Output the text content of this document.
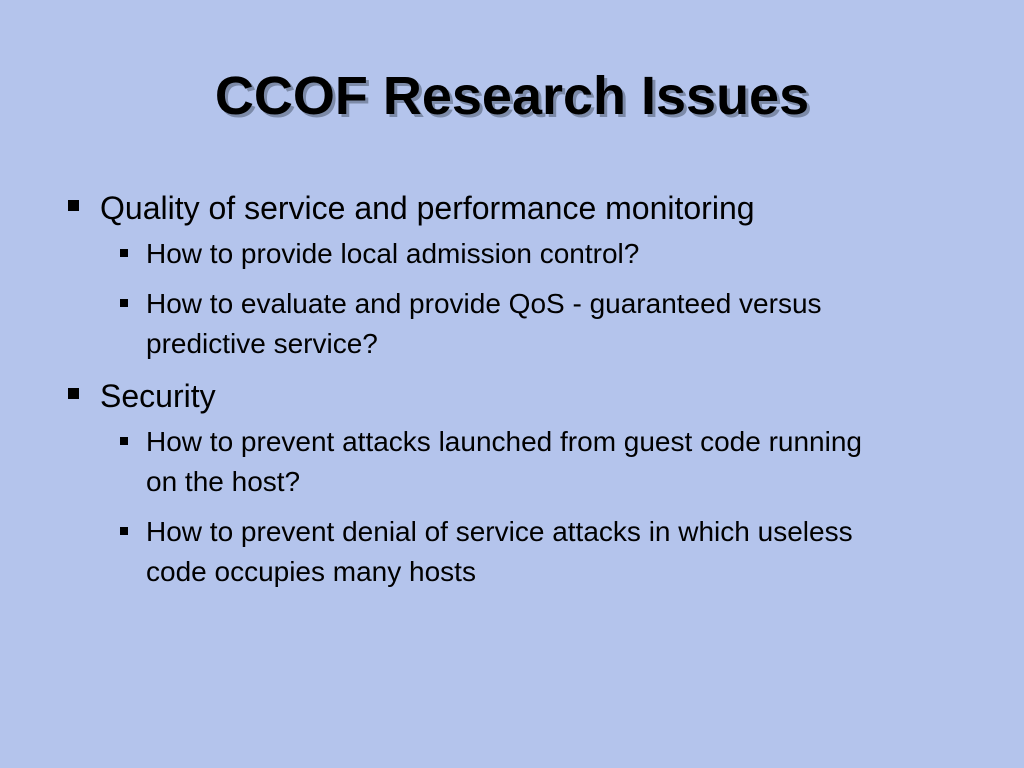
CCOF Research Issues
Quality of service and performance monitoring
How to provide local admission control?
How to evaluate and provide QoS - guaranteed versus predictive service?
Security
How to prevent attacks launched from guest code running on the host?
How to prevent denial of service attacks in which useless code occupies many hosts
